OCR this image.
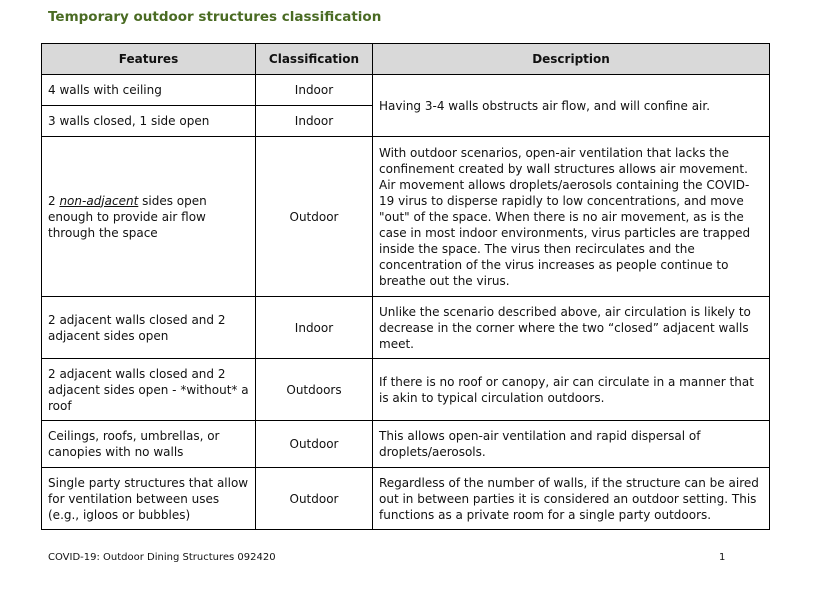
Temporary outdoor structures classification
Features	Classification	Description
4 walls with ceiling	Indoor	Having 3-4 walls obstructs air flow, and will confine air.
3 walls closed, 1 side open	Indoor	
2 non-adjacent sides open enough to provide air flow through the space	Outdoor	With outdoor scenarios, open-air ventilation that lacks the confinement created by wall structures allows air movement. Air movement allows droplets/aerosols containing the COVID-19 virus to disperse rapidly to low concentrations, and move "out" of the space. When there is no air movement, as is the case in most indoor environments, virus particles are trapped inside the space. The virus then recirculates and the concentration of the virus increases as people continue to breathe out the virus.
2 adjacent walls closed and 2 adjacent sides open	Indoor	Unlike the scenario described above, air circulation is likely to decrease in the corner where the two “closed” adjacent walls meet.
2 adjacent walls closed and 2 adjacent sides open - *without* a roof	Outdoors	If there is no roof or canopy, air can circulate in a manner that is akin to typical circulation outdoors.
Ceilings, roofs, umbrellas, or canopies with no walls	Outdoor	This allows open-air ventilation and rapid dispersal of droplets/aerosols.
Single party structures that allow for ventilation between uses (e.g., igloos or bubbles)	Outdoor	Regardless of the number of walls, if the structure can be aired out in between parties it is considered an outdoor setting. This functions as a private room for a single party outdoors.
COVID-19: Outdoor Dining Structures 092420	1
